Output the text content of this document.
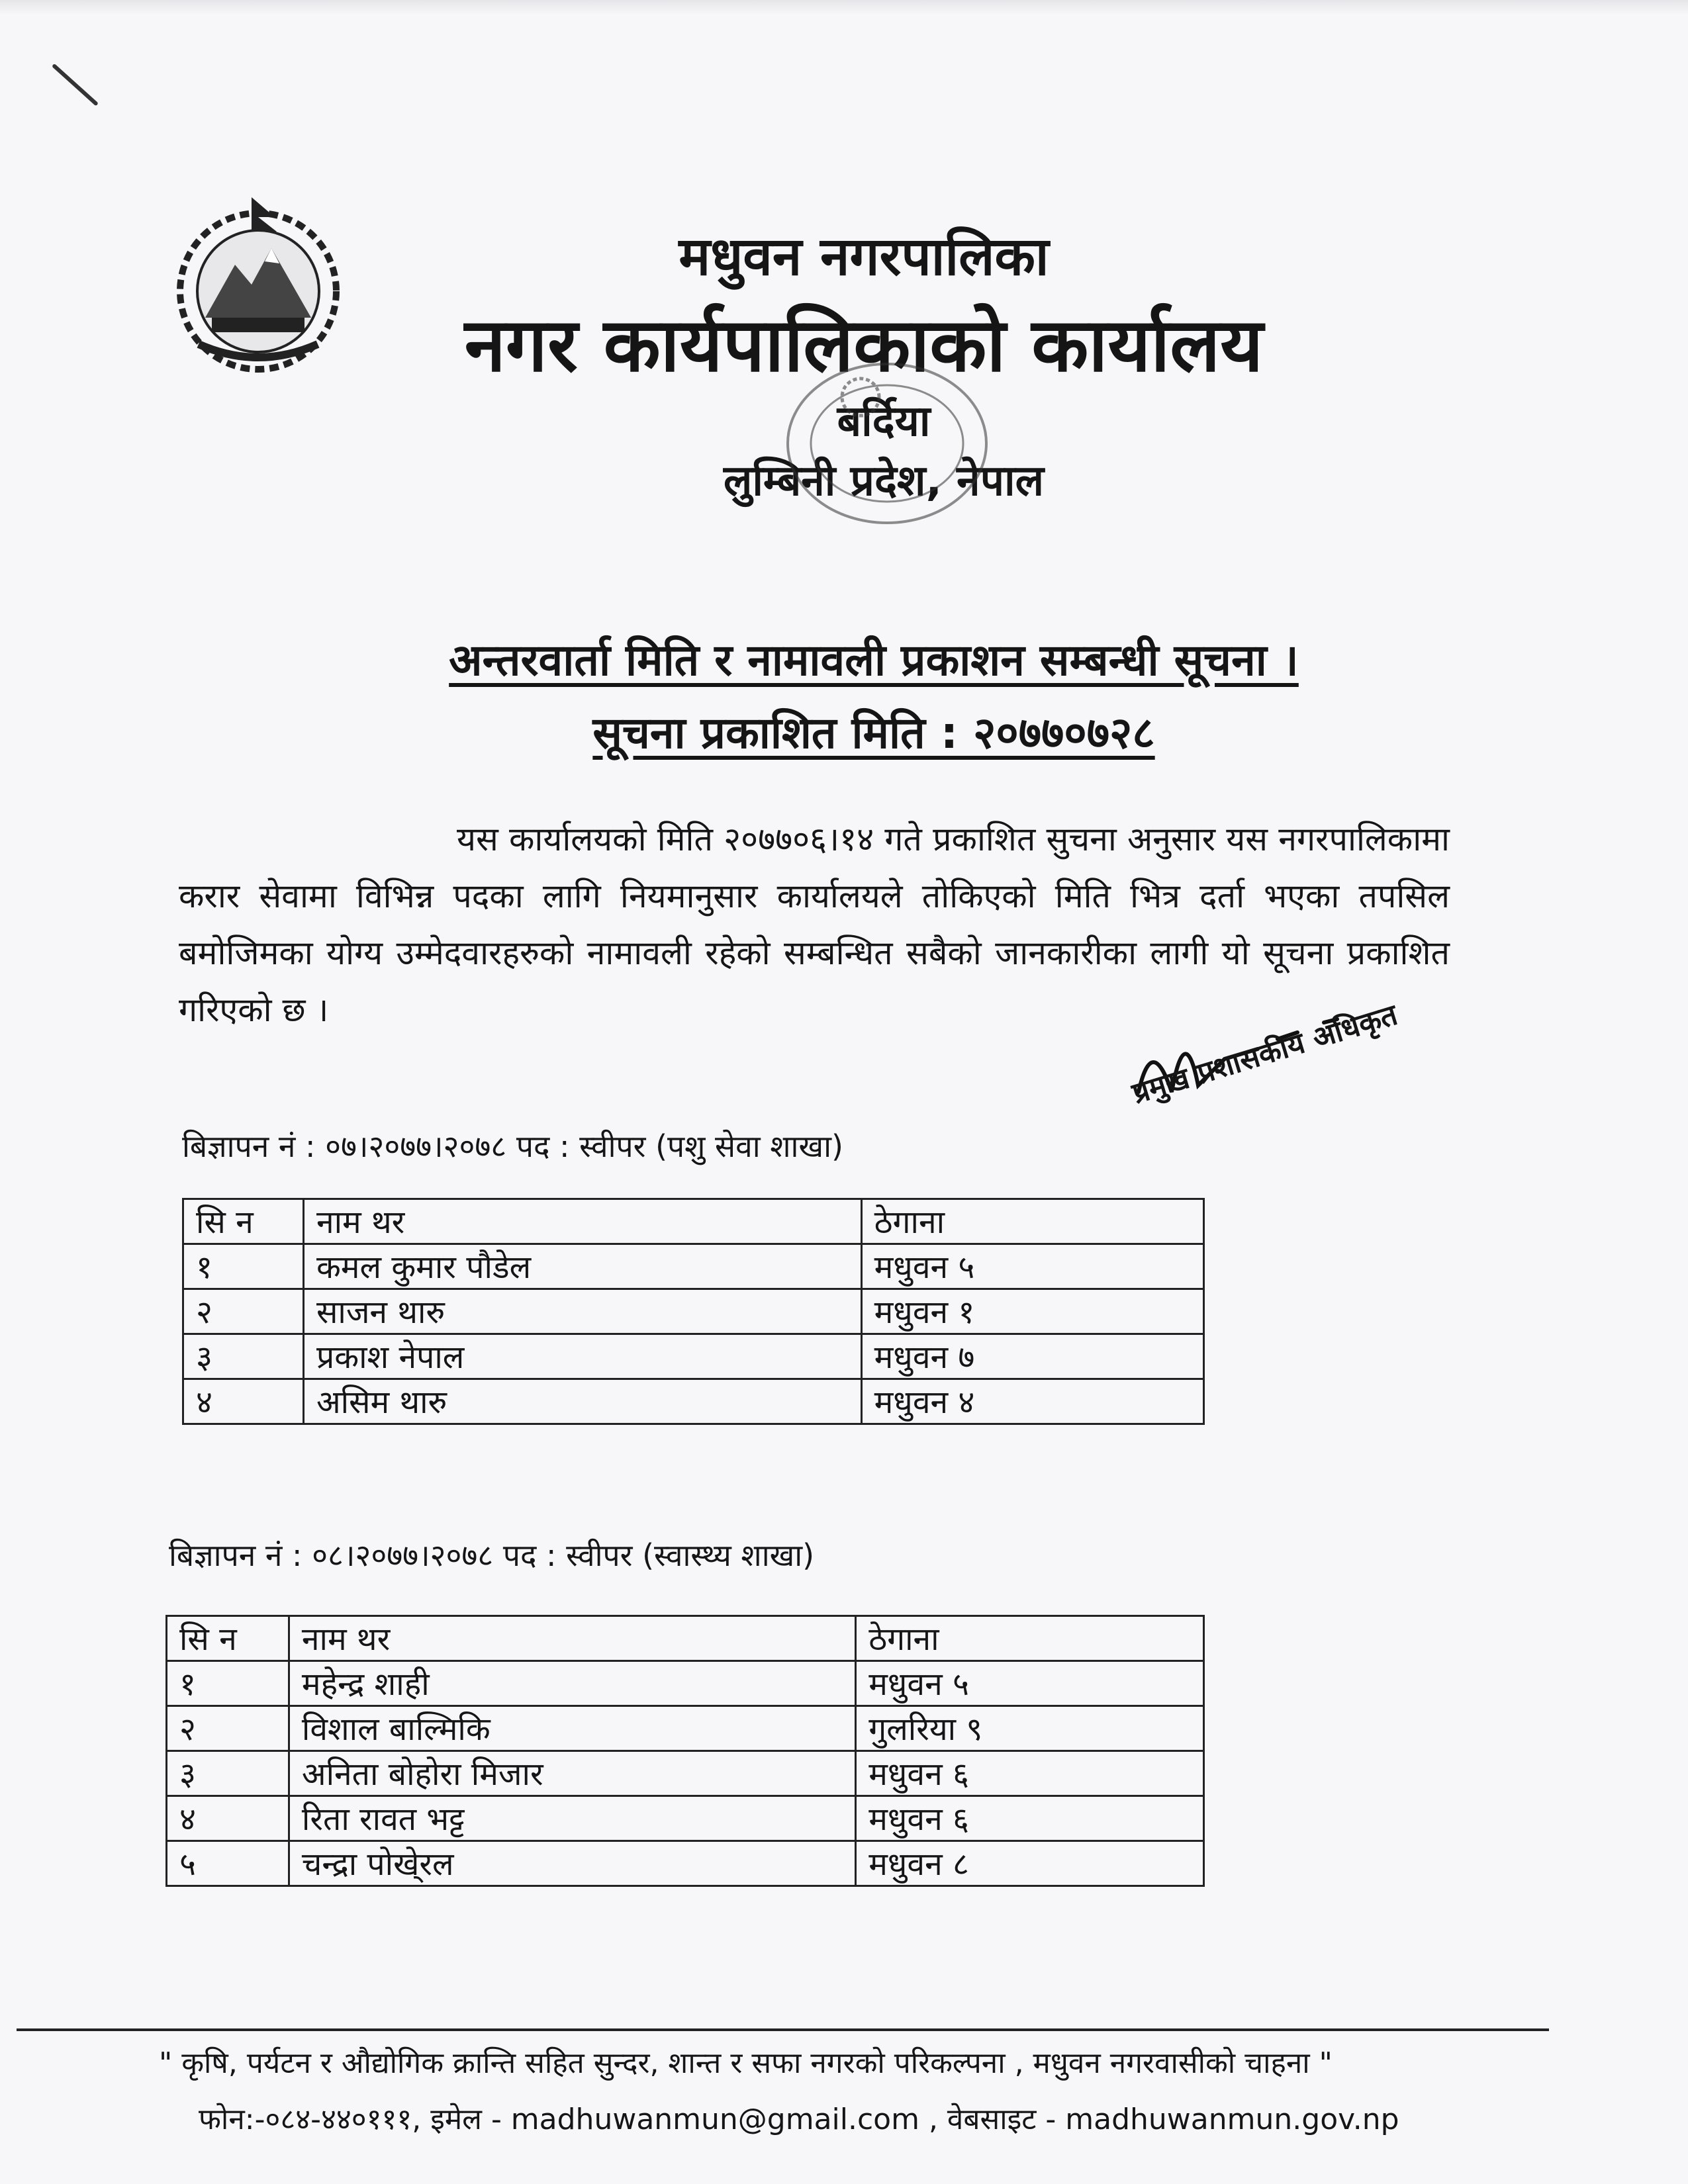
मधुवन नगरपालिका
नगर कार्यपालिकाको कार्यालय
बर्दिया
लुम्बिनी प्रदेश, नेपाल
अन्तरवार्ता मिति र नामावली प्रकाशन सम्बन्धी सूचना ।
सूचना प्रकाशित मिति : २०७७०७२८
यस कार्यालयको मिति २०७७०६।१४ गते प्रकाशित सुचना अनुसार यस नगरपालिकामा करार सेवामा विभिन्न पदका लागि नियमानुसार कार्यालयले तोकिएको मिति भित्र दर्ता भएका तपसिल बमोजिमका योग्य उम्मेदवारहरुको नामावली रहेको सम्बन्धित सबैको जानकारीका लागी यो सूचना प्रकाशित गरिएको छ ।	प्रमुख प्रशासकीय अधिकृत
बिज्ञापन नं : ०७।२०७७।२०७८ पद : स्वीपर (पशु सेवा शाखा)
सि न	नाम थर	ठेगाना
१	कमल कुमार पौडेल	मधुवन ५
२	साजन थारु	मधुवन १
३	प्रकाश नेपाल	मधुवन ७
४	असिम थारु	मधुवन ४
बिज्ञापन नं : ०८।२०७७।२०७८ पद : स्वीपर (स्वास्थ्य शाखा)
सि न	नाम थर	ठेगाना
१	महेन्द्र शाही	मधुवन ५
२	विशाल बाल्मिकि	गुलरिया ९
३	अनिता बोहोरा मिजार	मधुवन ६
४	रिता रावत भट्ट	मधुवन ६
५	चन्द्रा पोखे्रल	मधुवन ८
" कृषि, पर्यटन र औद्योगिक क्रान्ति सहित सुन्दर, शान्त र सफा नगरको परिकल्पना , मधुवन नगरवासीको चाहना "
फोन:-०८४-४४०१११, इमेल - madhuwanmun@gmail.com , वेबसाइट - madhuwanmun.gov.np
